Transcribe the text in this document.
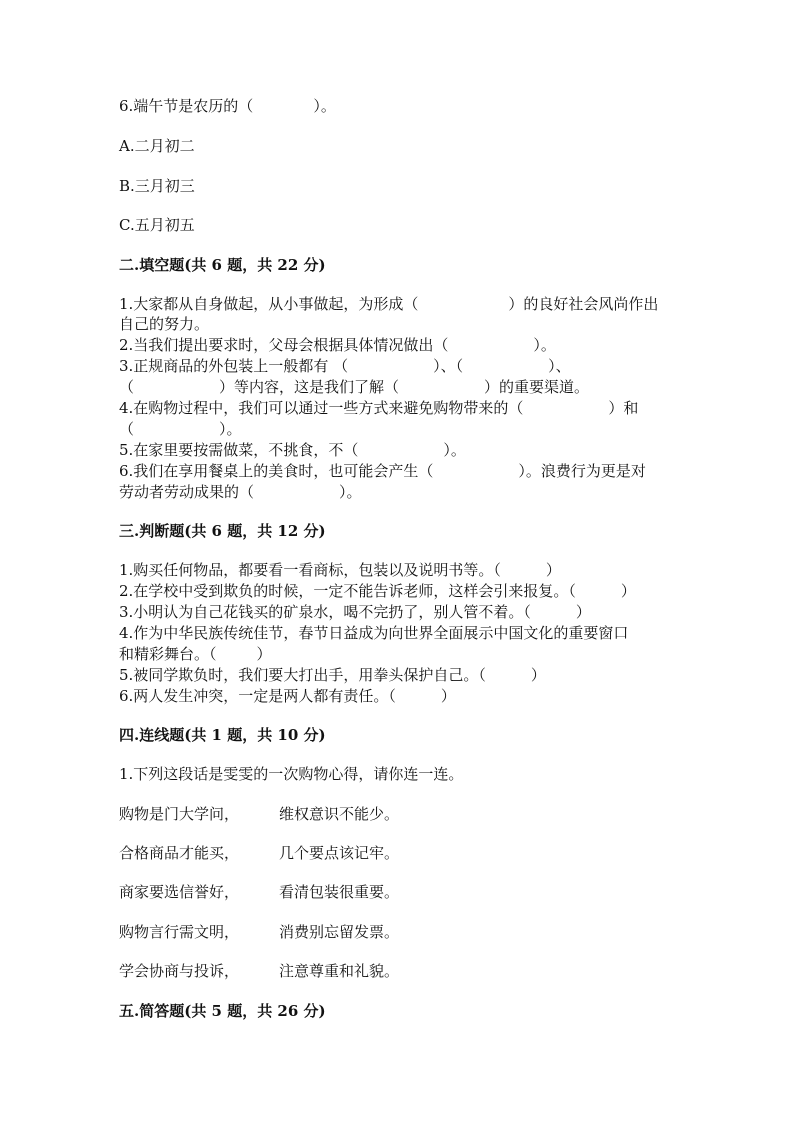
6.端午节是农历的（	）。
A.二月初二
B.三月初三
C.五月初五
二.填空题(共 6 题，共 22 分)
1.大家都从自身做起，从小事做起，为形成（	）的良好社会风尚作出
自己的努力。
2.当我们提出要求时，父母会根据具体情况做出（	）。
3.正规商品的外包装上一般都有 （	）、（	）、
（	）等内容，这是我们了解（	）的重要渠道。
4.在购物过程中，我们可以通过一些方式来避免购物带来的（	）和
（	）。
5.在家里要按需做菜，不挑食，不（	）。
6.我们在享用餐桌上的美食时，也可能会产生（	）。浪费行为更是对
劳动者劳动成果的（	）。
三.判断题(共 6 题，共 12 分)
1.购买任何物品，都要看一看商标，包装以及说明书等。（	）
2.在学校中受到欺负的时候，一定不能告诉老师，这样会引来报复。（	）
3.小明认为自己花钱买的矿泉水，喝不完扔了，别人管不着。（	）
4.作为中华民族传统佳节，春节日益成为向世界全面展示中国文化的重要窗口
和精彩舞台。（	）
5.被同学欺负时，我们要大打出手，用拳头保护自己。（	）
6.两人发生冲突，一定是两人都有责任。（	）
四.连线题(共 1 题，共 10 分)
1.下列这段话是雯雯的一次购物心得，请你连一连。
购物是门大学问，	维权意识不能少。
合格商品才能买，	几个要点该记牢。
商家要选信誉好，	看清包装很重要。
购物言行需文明，	消费别忘留发票。
学会协商与投诉，	注意尊重和礼貌。
五.简答题(共 5 题，共 26 分)
